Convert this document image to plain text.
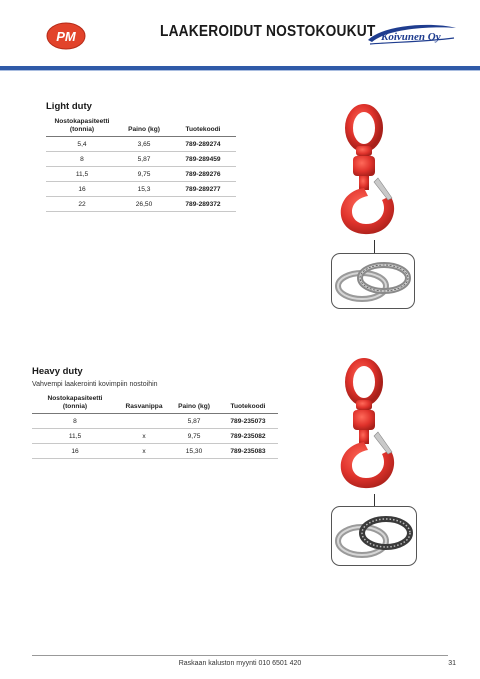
PM	LAAKEROIDUT NOSTOKOUKUT Koivunen Oy
Light duty
Nostokapasiteetti
(tonnia)	Paino (kg)	Tuotekoodi
5,4	3,65	789-289274
8	5,87	789-289459
11,5	9,75	789-289276
16	15,3	789-289277
22	26,50	789-289372
Heavy duty
Vahvempi laakerointi kovimpiin nostoihin
Nostokapasiteetti
(tonnia)	Rasvanippa	Paino (kg)	Tuotekoodi
8		5,87	789-235073
11,5	x	9,75	789-235082
16	x	15,30	789-235083
Raskaan kaluston myynti 010 6501 420	31
